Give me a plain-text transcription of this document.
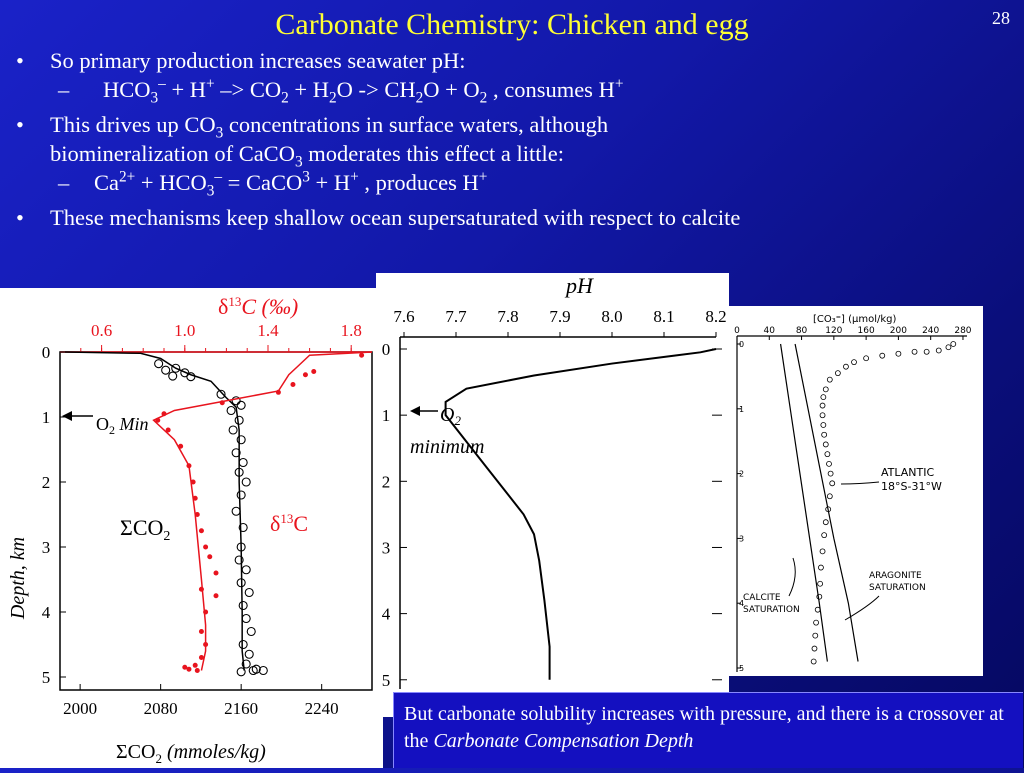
Carbonate Chemistry: Chicken and egg	28
• So primary production increases seawater pH:
– $HCO_3^- + H^+ -> CO_2 + H_2O -> CH_2O + O_2$ , consumes H+
• This drives up $CO_3$ concentrations in surface waters, although
biomineralization of CaCO$_3$ moderates this effect a little:
– $Ca^{2+} + HCO_3^-$ = CaCO$^3$ + H+ , produces H+
• These mechanisms keep shallow ocean supersaturated with respect to calcite
0
1
2
3
4
5
2000	2080	2160	2240
0.6	1.0	1.4	1.8
Depth, km
$\delta^{13}C$ (‰)
$\Sigma CO_2$ (mmoles/kg)
$O_2$ Min
$\Sigma CO_2$
$\delta^{13}C$
7.6 7.7 7.8 7.9 8.0 8.1 8.2
0
1
2
3
4
5
pH
$O_2$
minimum
0	40 80 120 160 200 240 280
0
1
2
3
4
5
[CO₃⁼] (μmol/kg)
ATLANTIC
18°S-31°W
ARAGONITE
SATURATION
CALCITE
SATURATION
But carbonate solubility increases with pressure, and there is a crossover at the Carbonate Compensation Depth
